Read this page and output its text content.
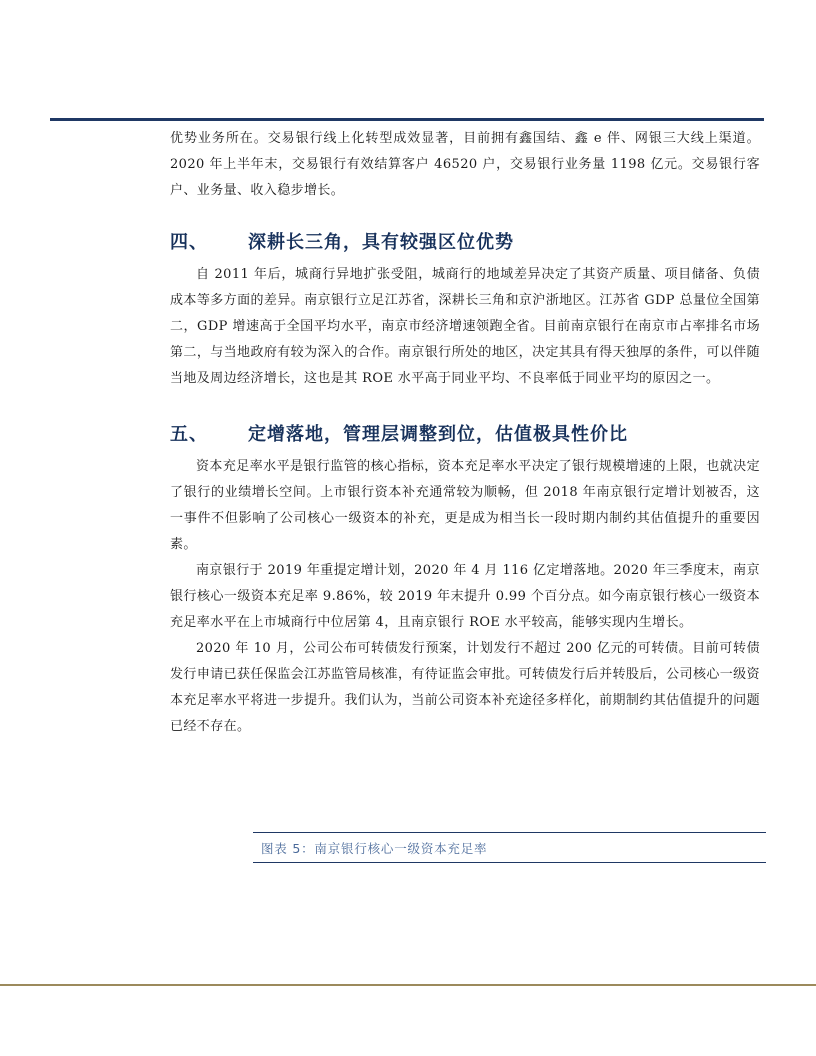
优势业务所在。交易银行线上化转型成效显著，目前拥有鑫国结、鑫 e 伴、网银三大线上渠道。2020 年上半年末，交易银行有效结算客户 46520 户，交易银行业务量 1198 亿元。交易银行客户、业务量、收入稳步增长。

四、	深耕长三角，具有较强区位优势

自 2011 年后，城商行异地扩张受阻，城商行的地域差异决定了其资产质量、项目储备、负债成本等多方面的差异。南京银行立足江苏省，深耕长三角和京沪浙地区。江苏省 GDP 总量位全国第二，GDP 增速高于全国平均水平，南京市经济增速领跑全省。目前南京银行在南京市占率排名市场第二，与当地政府有较为深入的合作。南京银行所处的地区，决定其具有得天独厚的条件，可以伴随当地及周边经济增长，这也是其 ROE 水平高于同业平均、不良率低于同业平均的原因之一。

五、	定增落地，管理层调整到位，估值极具性价比

资本充足率水平是银行监管的核心指标，资本充足率水平决定了银行规模增速的上限，也就决定了银行的业绩增长空间。上市银行资本补充通常较为顺畅，但 2018 年南京银行定增计划被否，这一事件不但影响了公司核心一级资本的补充，更是成为相当长一段时期内制约其估值提升的重要因素。

南京银行于 2019 年重提定增计划，2020 年 4 月 116 亿定增落地。2020 年三季度末，南京银行核心一级资本充足率 9.86%，较 2019 年末提升 0.99 个百分点。如今南京银行核心一级资本充足率水平在上市城商行中位居第 4，且南京银行 ROE 水平较高，能够实现内生增长。

2020 年 10 月，公司公布可转债发行预案，计划发行不超过 200 亿元的可转债。目前可转债发行申请已获任保监会江苏监管局核准，有待证监会审批。可转债发行后并转股后，公司核心一级资本充足率水平将进一步提升。我们认为，当前公司资本补充途径多样化，前期制约其估值提升的问题已经不存在。

图表 5：南京银行核心一级资本充足率
